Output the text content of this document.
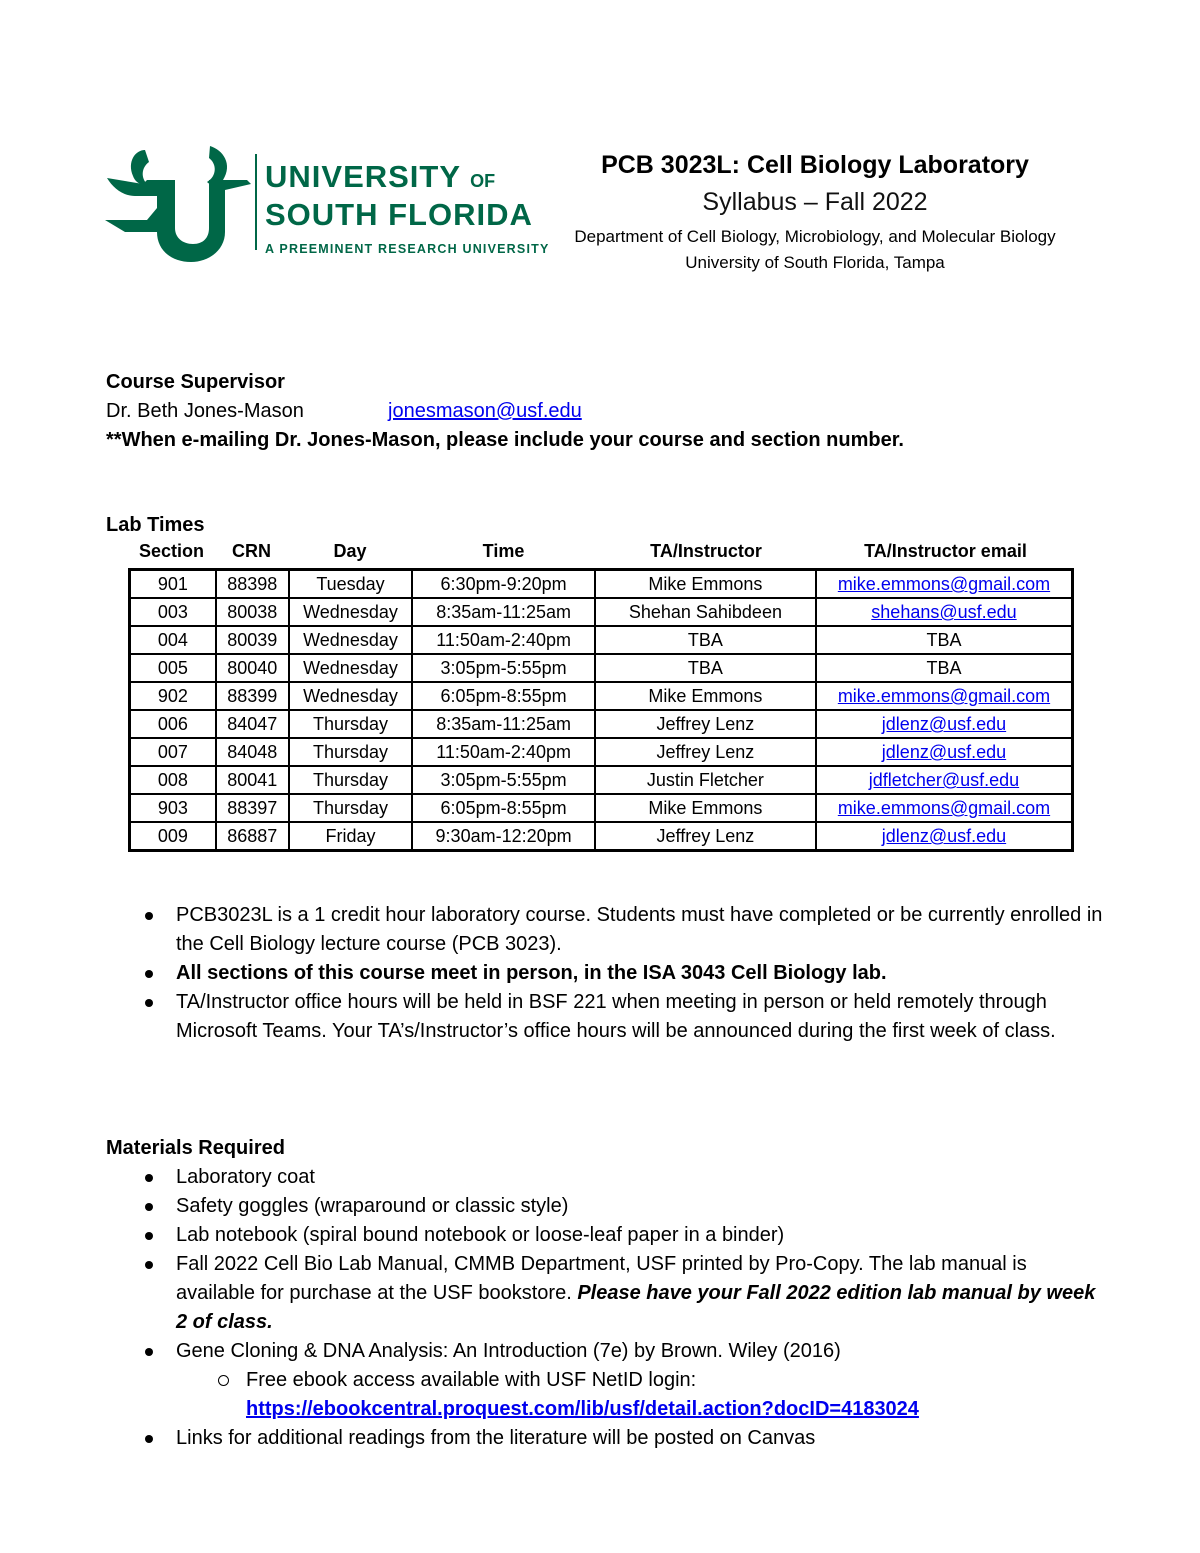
UNIVERSITY OF
SOUTH FLORIDA
A PREEMINENT RESEARCH UNIVERSITY

PCB 3023L: Cell Biology Laboratory

Syllabus – Fall 2022

Department of Cell Biology, Microbiology, and Molecular Biology

University of South Florida, Tampa

Course Supervisor
Dr. Beth Jones-Mason	jonesmason@usf.edu
**When e-mailing Dr. Jones-Mason, please include your course and section number.
Lab Times
Section	CRN	Day	Time	TA/Instructor	TA/Instructor email
901	88398	Tuesday	6:30pm-9:20pm	Mike Emmons	mike.emmons@gmail.com
003	80038	Wednesday	8:35am-11:25am	Shehan Sahibdeen	shehans@usf.edu
004	80039	Wednesday	11:50am-2:40pm	TBA	TBA
005	80040	Wednesday	3:05pm-5:55pm	TBA	TBA
902	88399	Wednesday	6:05pm-8:55pm	Mike Emmons	mike.emmons@gmail.com
006	84047	Thursday	8:35am-11:25am	Jeffrey Lenz	jdlenz@usf.edu
007	84048	Thursday	11:50am-2:40pm	Jeffrey Lenz	jdlenz@usf.edu
008	80041	Thursday	3:05pm-5:55pm	Justin Fletcher	jdfletcher@usf.edu
903	88397	Thursday	6:05pm-8:55pm	Mike Emmons	mike.emmons@gmail.com
009	86887	Friday	9:30am-12:20pm	Jeffrey Lenz	jdlenz@usf.edu
PCB3023L is a 1 credit hour laboratory course. Students must have completed or be currently enrolled in the Cell Biology lecture course (PCB 3023).
All sections of this course meet in person, in the ISA 3043 Cell Biology lab.
TA/Instructor office hours will be held in BSF 221 when meeting in person or held remotely through Microsoft Teams. Your TA’s/Instructor’s office hours will be announced during the first week of class.
Materials Required
Laboratory coat
Safety goggles (wraparound or classic style)
Lab notebook (spiral bound notebook or loose-leaf paper in a binder)
Fall 2022 Cell Bio Lab Manual, CMMB Department, USF printed by Pro-Copy. The lab manual is available for purchase at the USF bookstore. Please have your Fall 2022 edition lab manual by week 2 of class.
Gene Cloning & DNA Analysis: An Introduction (7e) by Brown. Wiley (2016)
Free ebook access available with USF NetID login:
https://ebookcentral.proquest.com/lib/usf/detail.action?docID=4183024
Links for additional readings from the literature will be posted on Canvas
